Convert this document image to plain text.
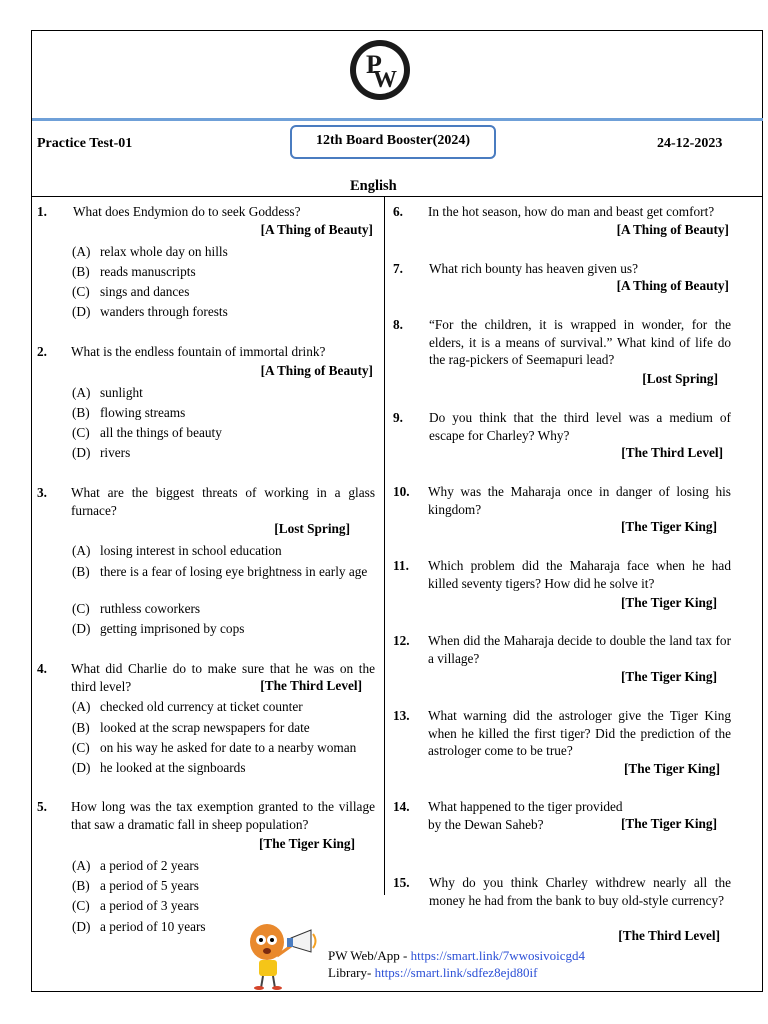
P
W
Practice Test-01	12th Board Booster(2024)	24-12-2023
English
1. What does Endymion do to seek Goddess?
[A Thing of Beauty]
(A) relax whole day on hills
(B) reads manuscripts
(C) sings and dances
(D) wanders through forests
2. What is the endless fountain of immortal drink?
[A Thing of Beauty]
(A) sunlight
(B) flowing streams
(C) all the things of beauty
(D) rivers
3. What are the biggest threats of working in a glass furnace?
[Lost Spring]
(A) losing interest in school education
(B) there is a fear of losing eye brightness in early age
(C) ruthless coworkers
(D) getting imprisoned by cops
4. What did Charlie do to make sure that he was on the third level?	[The Third Level]
(A) checked old currency at ticket counter
(B) looked at the scrap newspapers for date
(C) on his way he asked for date to a nearby woman
(D) he looked at the signboards
5. How long was the tax exemption granted to the village that saw a dramatic fall in sheep population?
[The Tiger King]
(A) a period of 2 years
(B) a period of 5 years
(C) a period of 3 years
(D) a period of 10 years
6. In the hot season, how do man and beast get comfort?
[A Thing of Beauty]
7. What rich bounty has heaven given us?
[A Thing of Beauty]
8. “For the children, it is wrapped in wonder, for the elders, it is a means of survival.” What kind of life do the rag-pickers of Seemapuri lead?
[Lost Spring]
9. Do you think that the third level was a medium of escape for Charley? Why?
[The Third Level]
10. Why was the Maharaja once in danger of losing his kingdom?
[The Tiger King]
11. Which problem did the Maharaja face when he had killed seventy tigers? How did he solve it?
[The Tiger King]
12. When did the Maharaja decide to double the land tax for a village?
[The Tiger King]
13. What warning did the astrologer give the Tiger King when he killed the first tiger? Did the prediction of the astrologer come to be true?
[The Tiger King]
14. What happened to the tiger provided by the Dewan Saheb?	[The Tiger King]
15. Why do you think Charley withdrew nearly all the money he had from the bank to buy old-style currency?
[The Third Level]
PW Web/App - https://smart.link/7wwosivoicgd4
Library- https://smart.link/sdfez8ejd80if
